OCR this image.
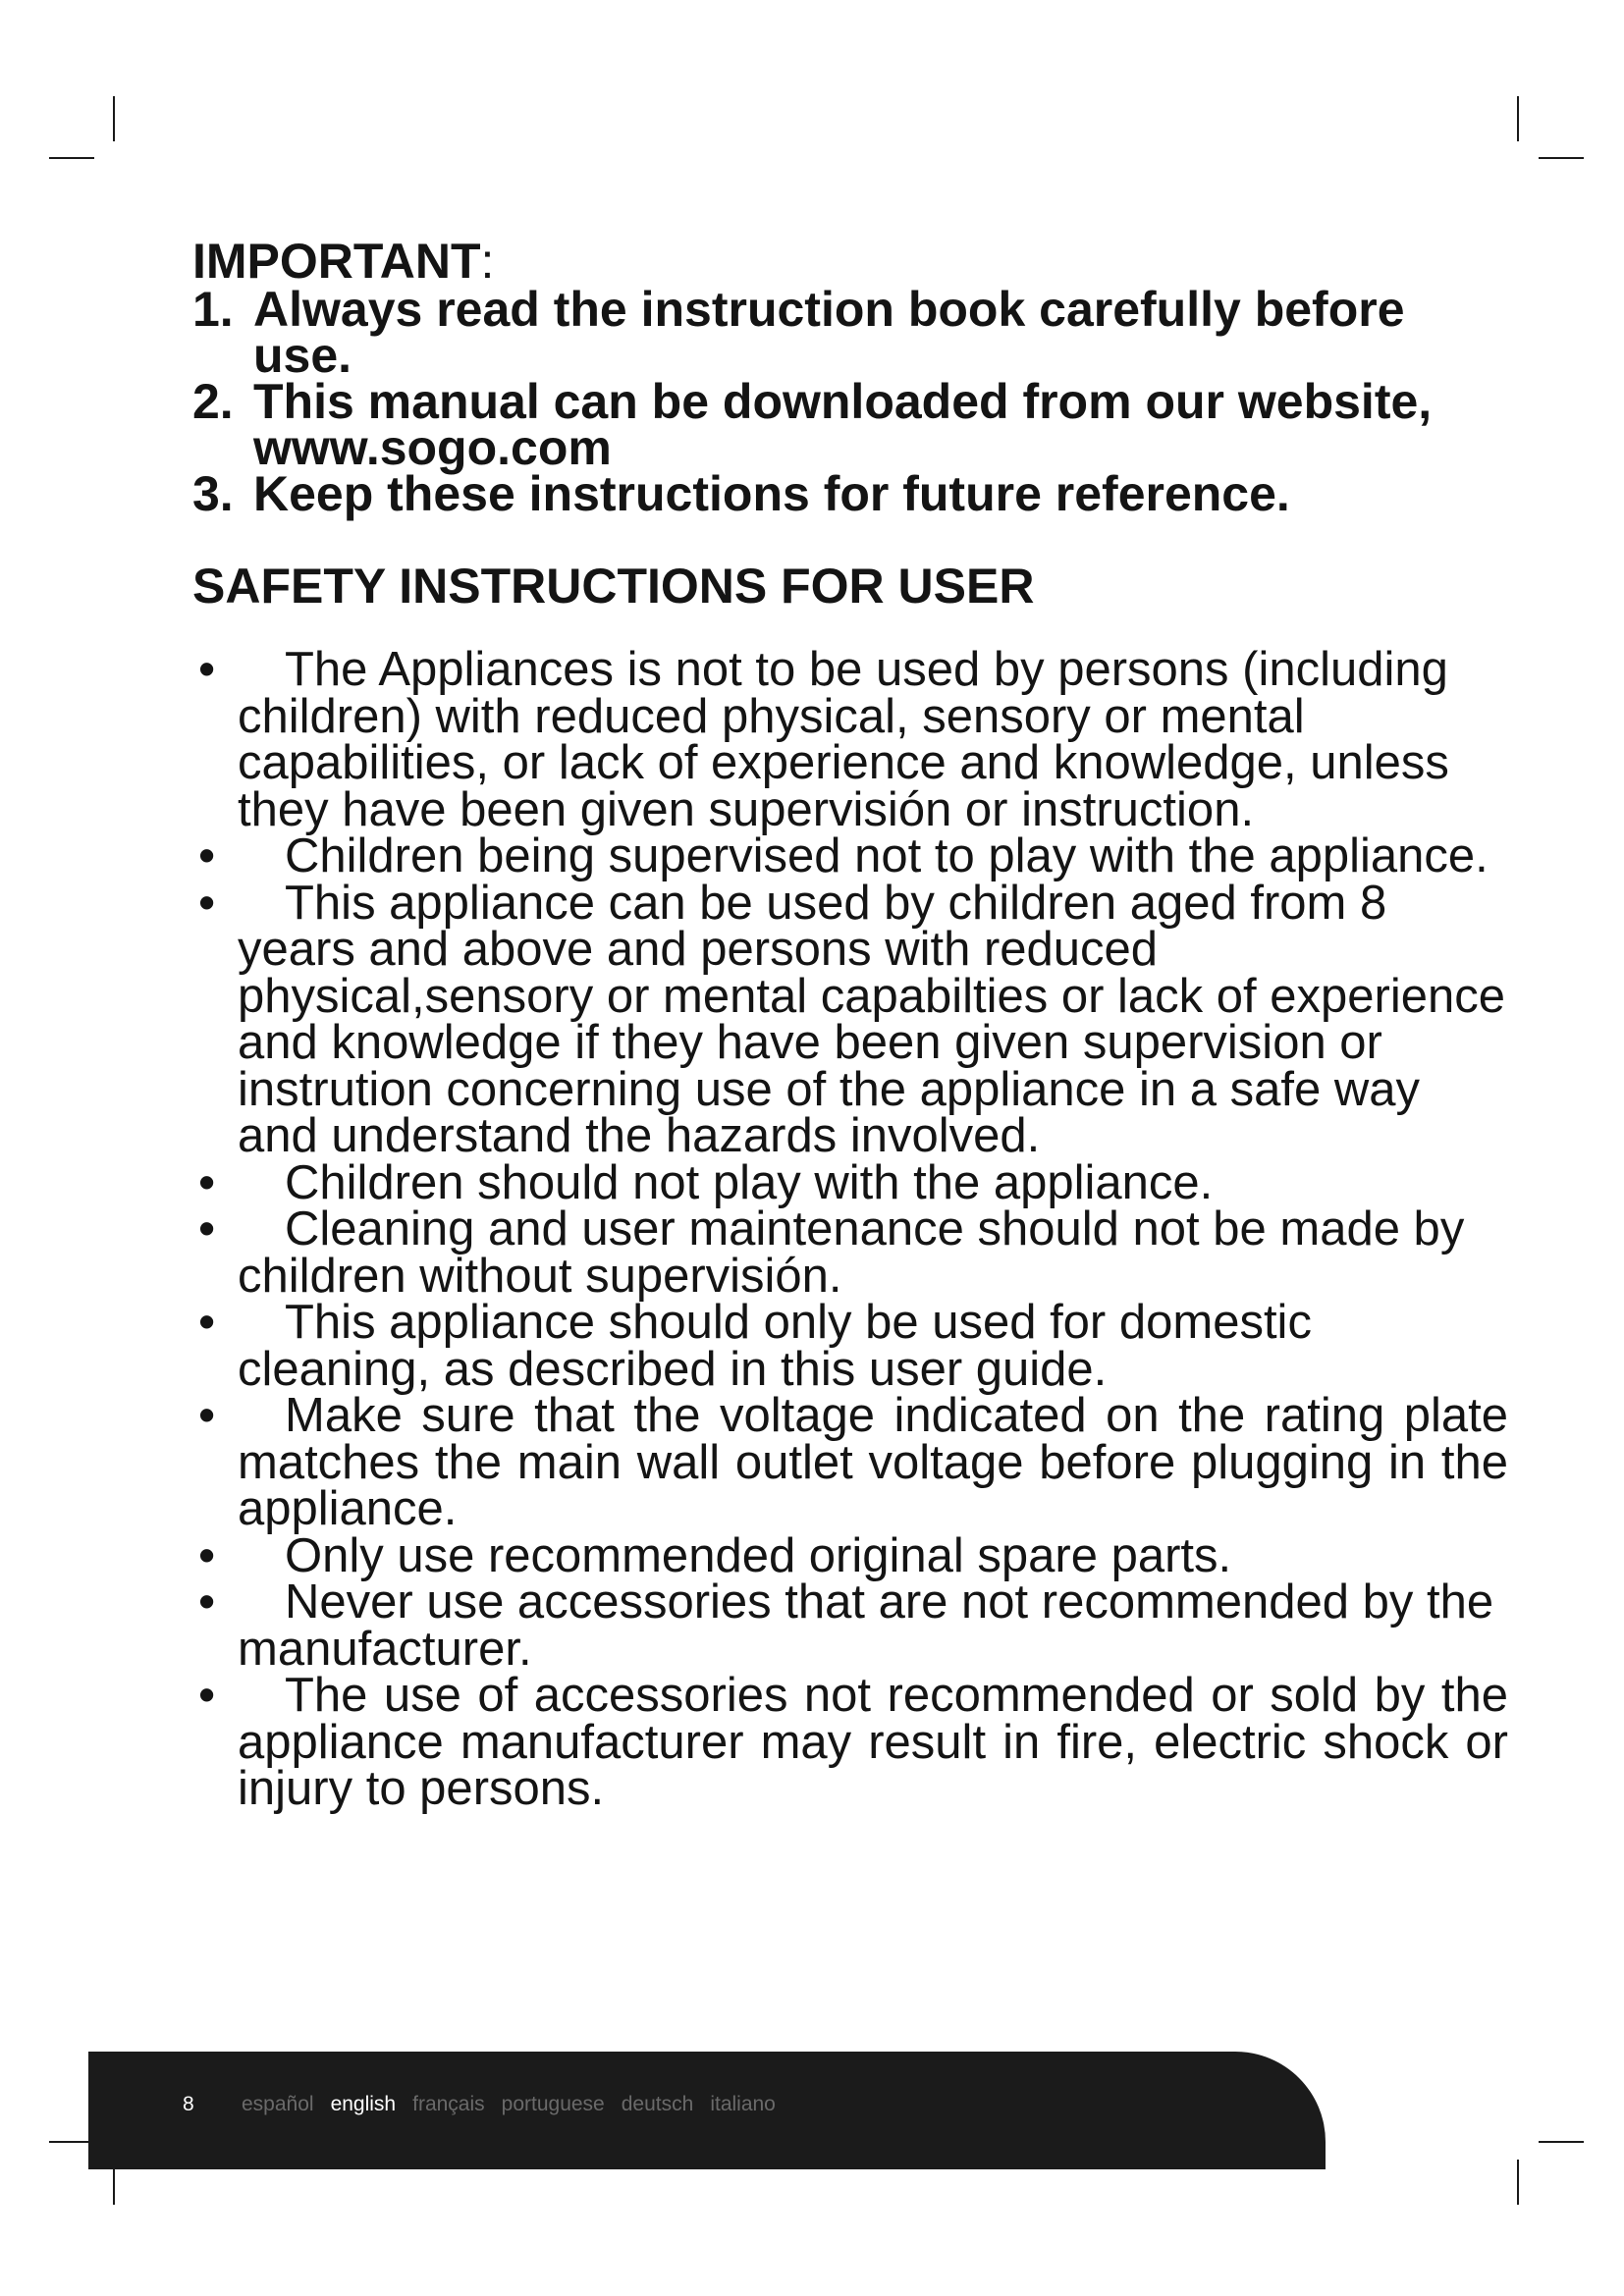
IMPORTANT:
1. Always read the instruction book carefully before use.
2. This manual can be downloaded from our website, www.sogo.com
3. Keep these instructions for future reference.
SAFETY INSTRUCTIONS FOR USER
• The Appliances is not to be used by persons (including children) with reduced physical, sensory or mental capabilities, or lack of experience and knowledge, unless they have been given supervisión or instruction.
• Children being supervised not to play with the appliance.
• This appliance can be used by children aged from 8 years and above and persons with reduced physical,sensory or mental capabilties or lack of experience and knowledge if they have been given supervision or instrution concerning use of the appliance in a safe way and understand the hazards involved.
• Children should not play with the appliance.
• Cleaning and user maintenance should not be made by children without supervisión.
• This appliance should only be used for domestic cleaning, as described in this user guide.
• Make sure that the voltage indicated on the rating plate matches the main wall outlet voltage before plugging in the appliance.
• Only use recommended original spare parts.
• Never use accessories that are not recommended by the manufacturer.
• The use of accessories not recommended or sold by the appliance manufacturer may result in fire, electric shock or injury to persons.
8 español english français portuguese deutsch italiano
